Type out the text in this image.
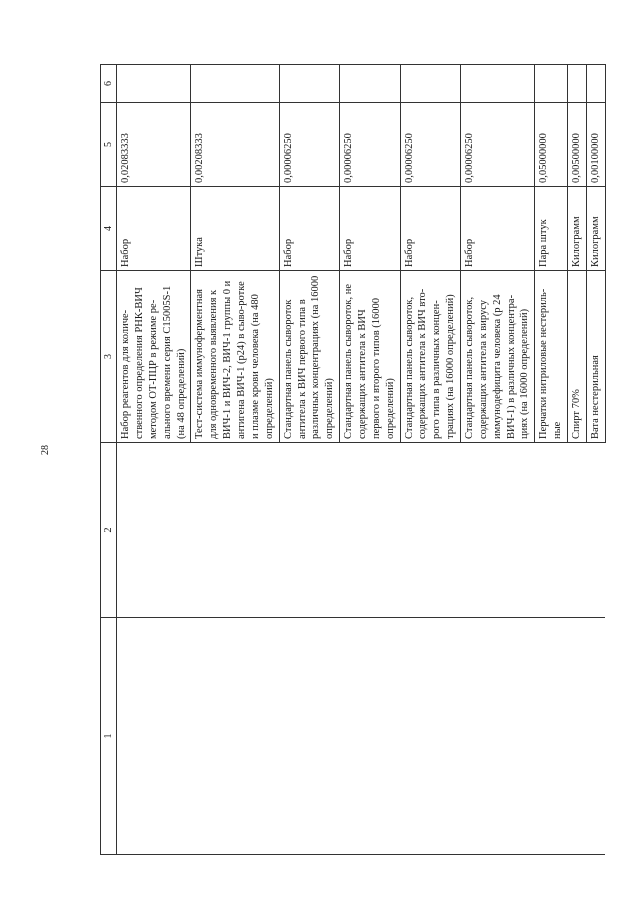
28
1	2	3	4	5	6
		Набор реагентов для количе-ственного определения РНК-ВИЧ методом ОТ-ПЦР в режиме ре-ального времени серия С15005S-1 (на 48 определений)	Набор	0,02083333	
		Тест-система иммуноферментная для одновременного выявления к ВИЧ-1 и ВИЧ-2, ВИЧ-1 группы 0 и антигена ВИЧ-1 (р24) в сыво-ротке и плазме крови человека (на 480 определений)	Штука	0,00208333	
		Стандартная панель сывороток антитела к ВИЧ первого типа в различных концентрациях (на 16000 определений)	Набор	0,00006250	
		Стандартная панель сывороток, не содержащих антитела к ВИЧ первого и второго типов (16000 определений)	Набор	0,00006250	
		Стандартная панель сывороток, содержащих антитела к ВИЧ вто-рого типа в различных концен-трациях (на 16000 определений)	Набор	0,00006250	
		Стандартная панель сывороток, содержащих антитела к вирусу иммунодефицита человека (р 24 ВИЧ-1) в различных концентра-циях (на 16000 определений)	Набор	0,00006250	
		Перчатки нитриловые нестериль-ные	Пара штук	0,05000000	
		Спирт 70%	Килограмм	0,00500000	
		Вата нестерильная	Килограмм	0,00100000	
